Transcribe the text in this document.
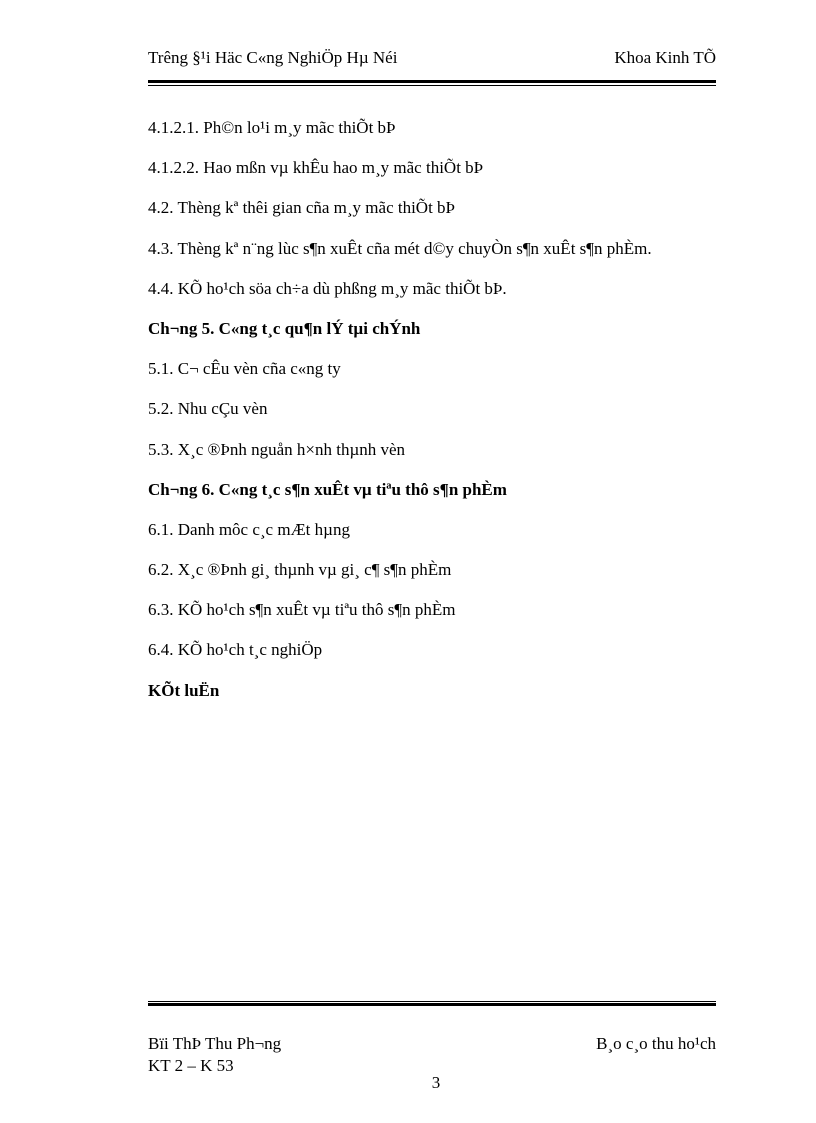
Trêng §¹i Häc C«ng NghiÖp Hµ Néi	Khoa Kinh TÕ
4.1.2.1. Ph©n lo¹i m¸y mãc thiÕt bÞ
4.1.2.2. Hao mßn vµ khÊu hao m¸y mãc thiÕt bÞ
4.2. Thèng kª thêi gian cña m¸y mãc thiÕt bÞ
4.3. Thèng kª n¨ng lùc s¶n xuÊt cña mét d©y chuyÒn s¶n xuÊt s¶n phÈm.
4.4. KÕ ho¹ch söa ch÷a dù phßng m¸y mãc thiÕt bÞ.
Ch¬ng 5. C«ng t¸c qu¶n lÝ tµi chÝnh
5.1. C¬ cÊu vèn cña c«ng ty
5.2. Nhu cÇu vèn
5.3. X¸c ®Þnh nguån h×nh thµnh vèn
Ch¬ng 6. C«ng t¸c s¶n xuÊt vµ tiªu thô s¶n phÈm
6.1. Danh môc c¸c mÆt hµng
6.2. X¸c ®Þnh gi¸ thµnh vµ gi¸ c¶ s¶n phÈm
6.3. KÕ ho¹ch s¶n xuÊt vµ tiªu thô s¶n phÈm
6.4. KÕ ho¹ch t¸c nghiÖp
KÕt luËn
Bïi ThÞ Thu Ph¬ng
KT 2 – K 53
B¸o c¸o thu ho¹ch
3
